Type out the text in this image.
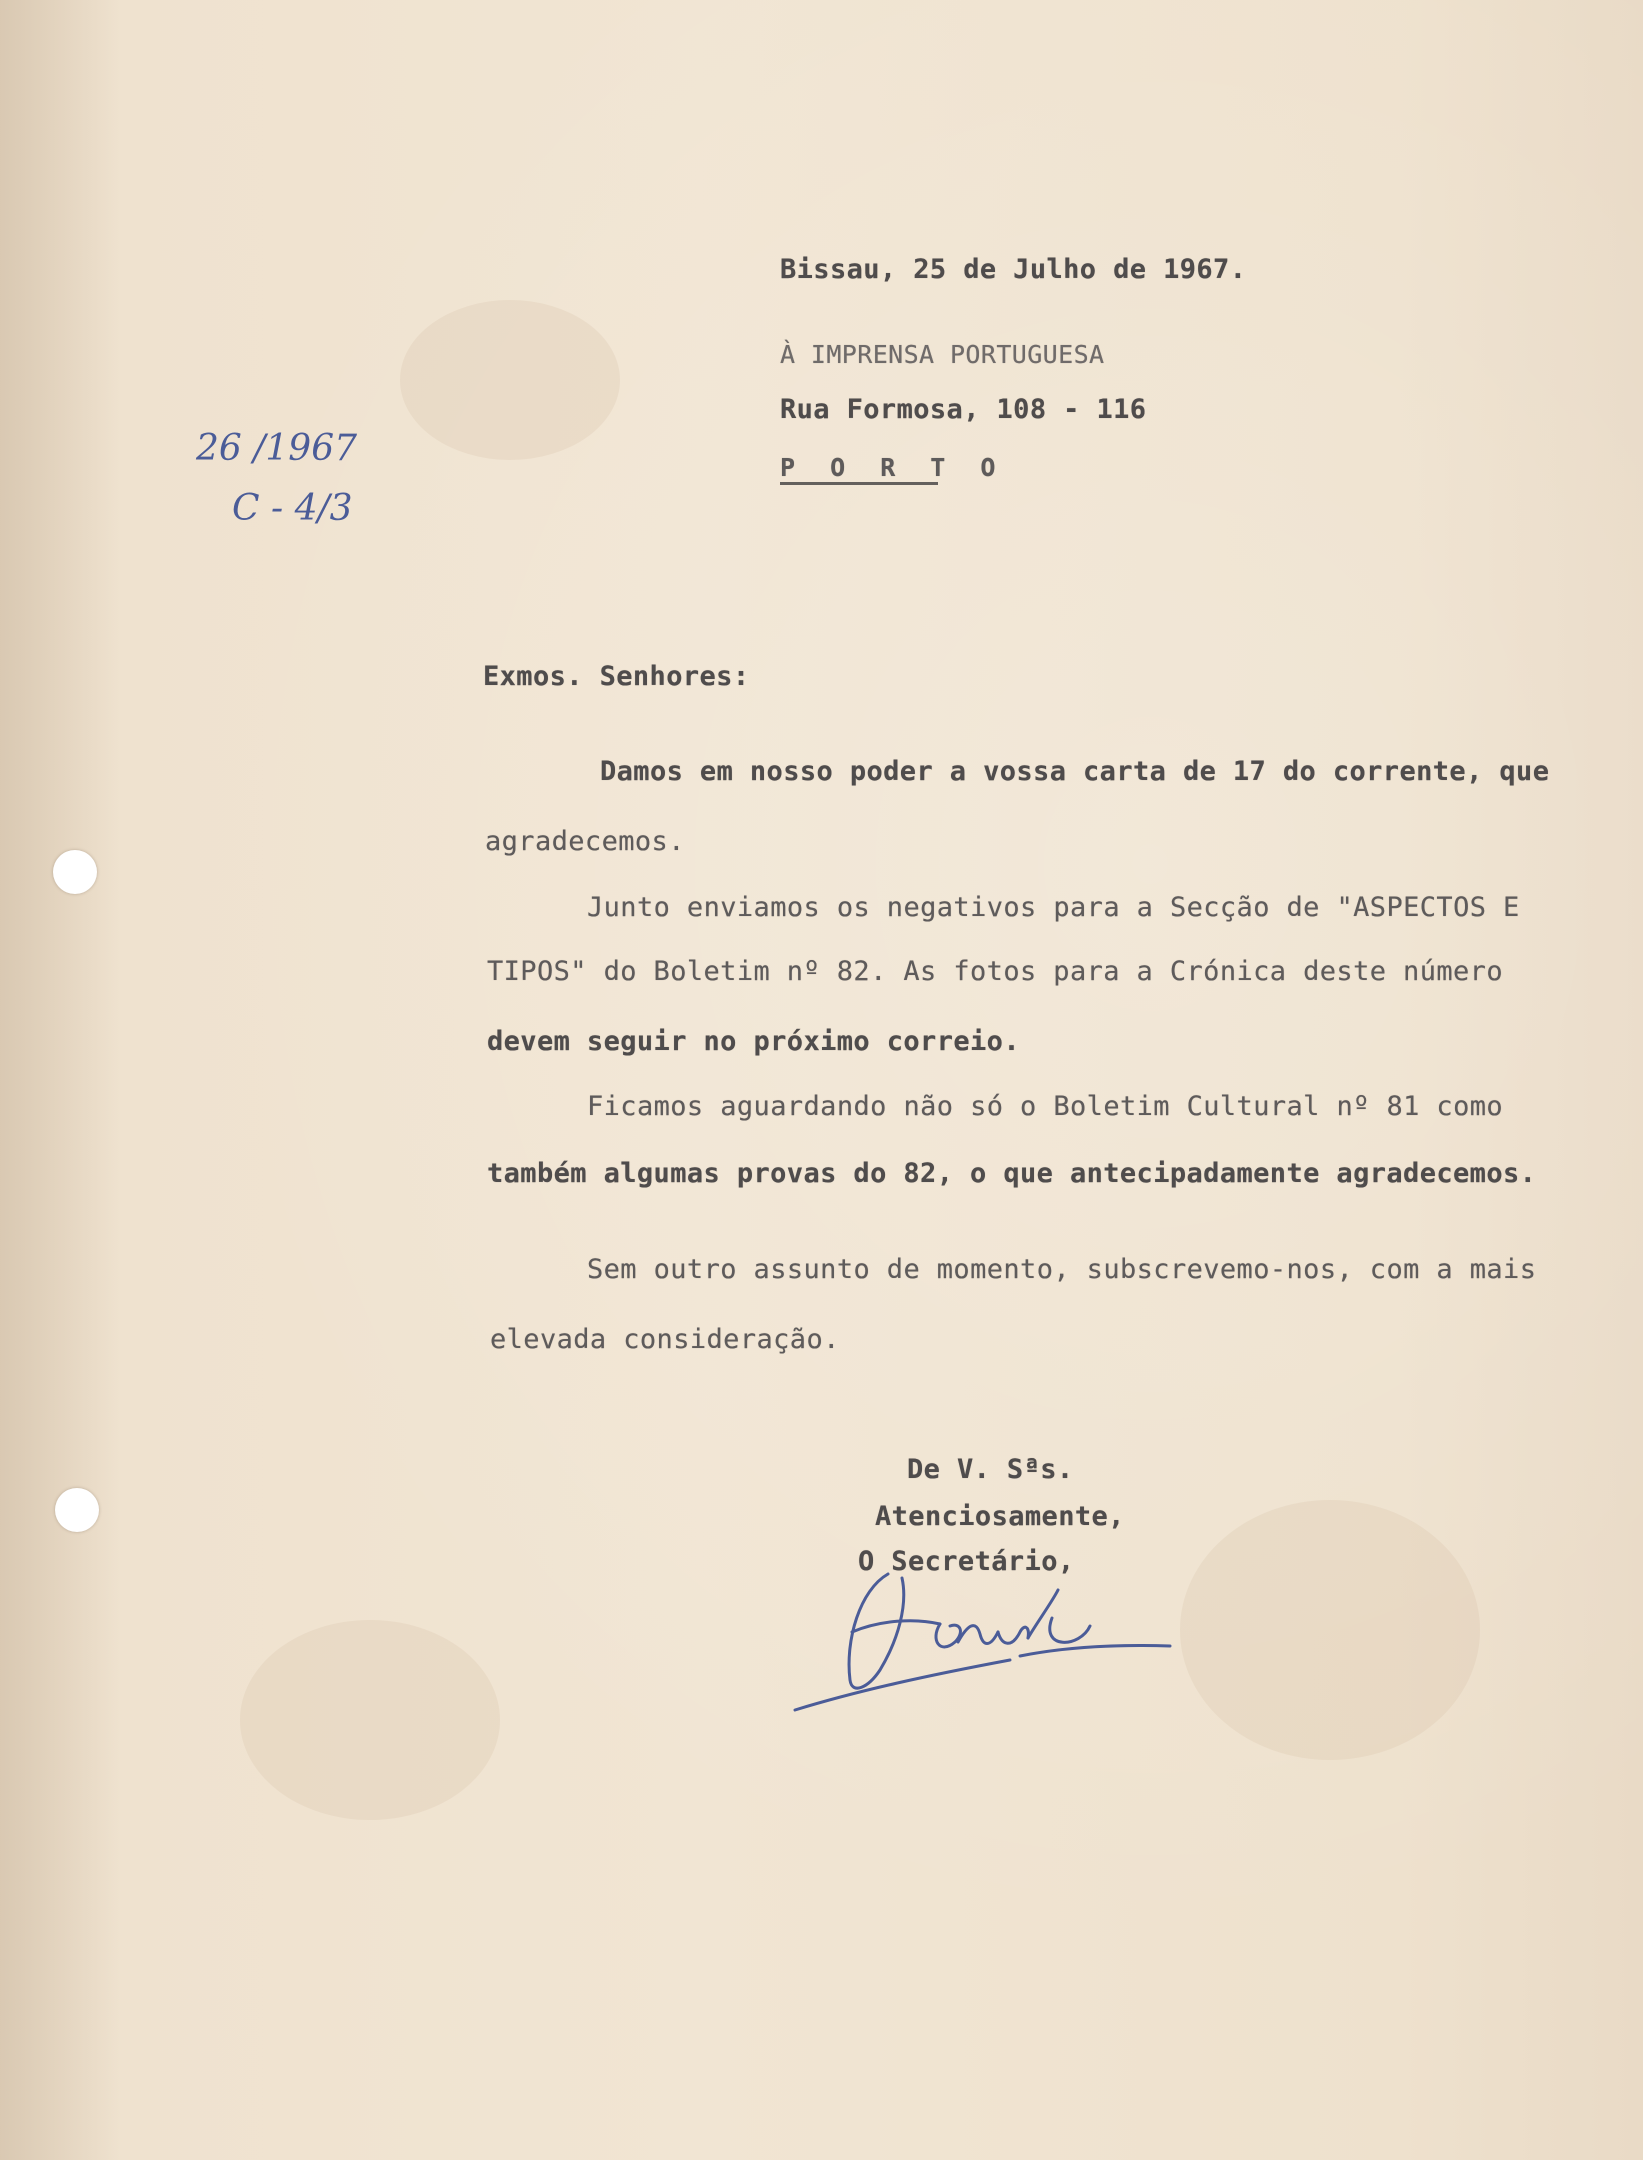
Bissau, 25 de Julho de 1967.
À IMPRENSA PORTUGUESA
Rua Formosa, 108 - 116
P O R T O
26 /1967
C - 4/3
Exmos. Senhores:
Damos em nosso poder a vossa carta de 17 do corrente, que
agradecemos.
Junto enviamos os negativos para a Secção de "ASPECTOS E
TIPOS" do Boletim nº 82. As fotos para a Crónica deste número
devem seguir no próximo correio.
Ficamos aguardando não só o Boletim Cultural nº 81 como
também algumas provas do 82, o que antecipadamente agradecemos.
Sem outro assunto de momento, subscrevemo-nos, com a mais
elevada consideração.
De V. Sªs.
Atenciosamente,
O Secretário,
